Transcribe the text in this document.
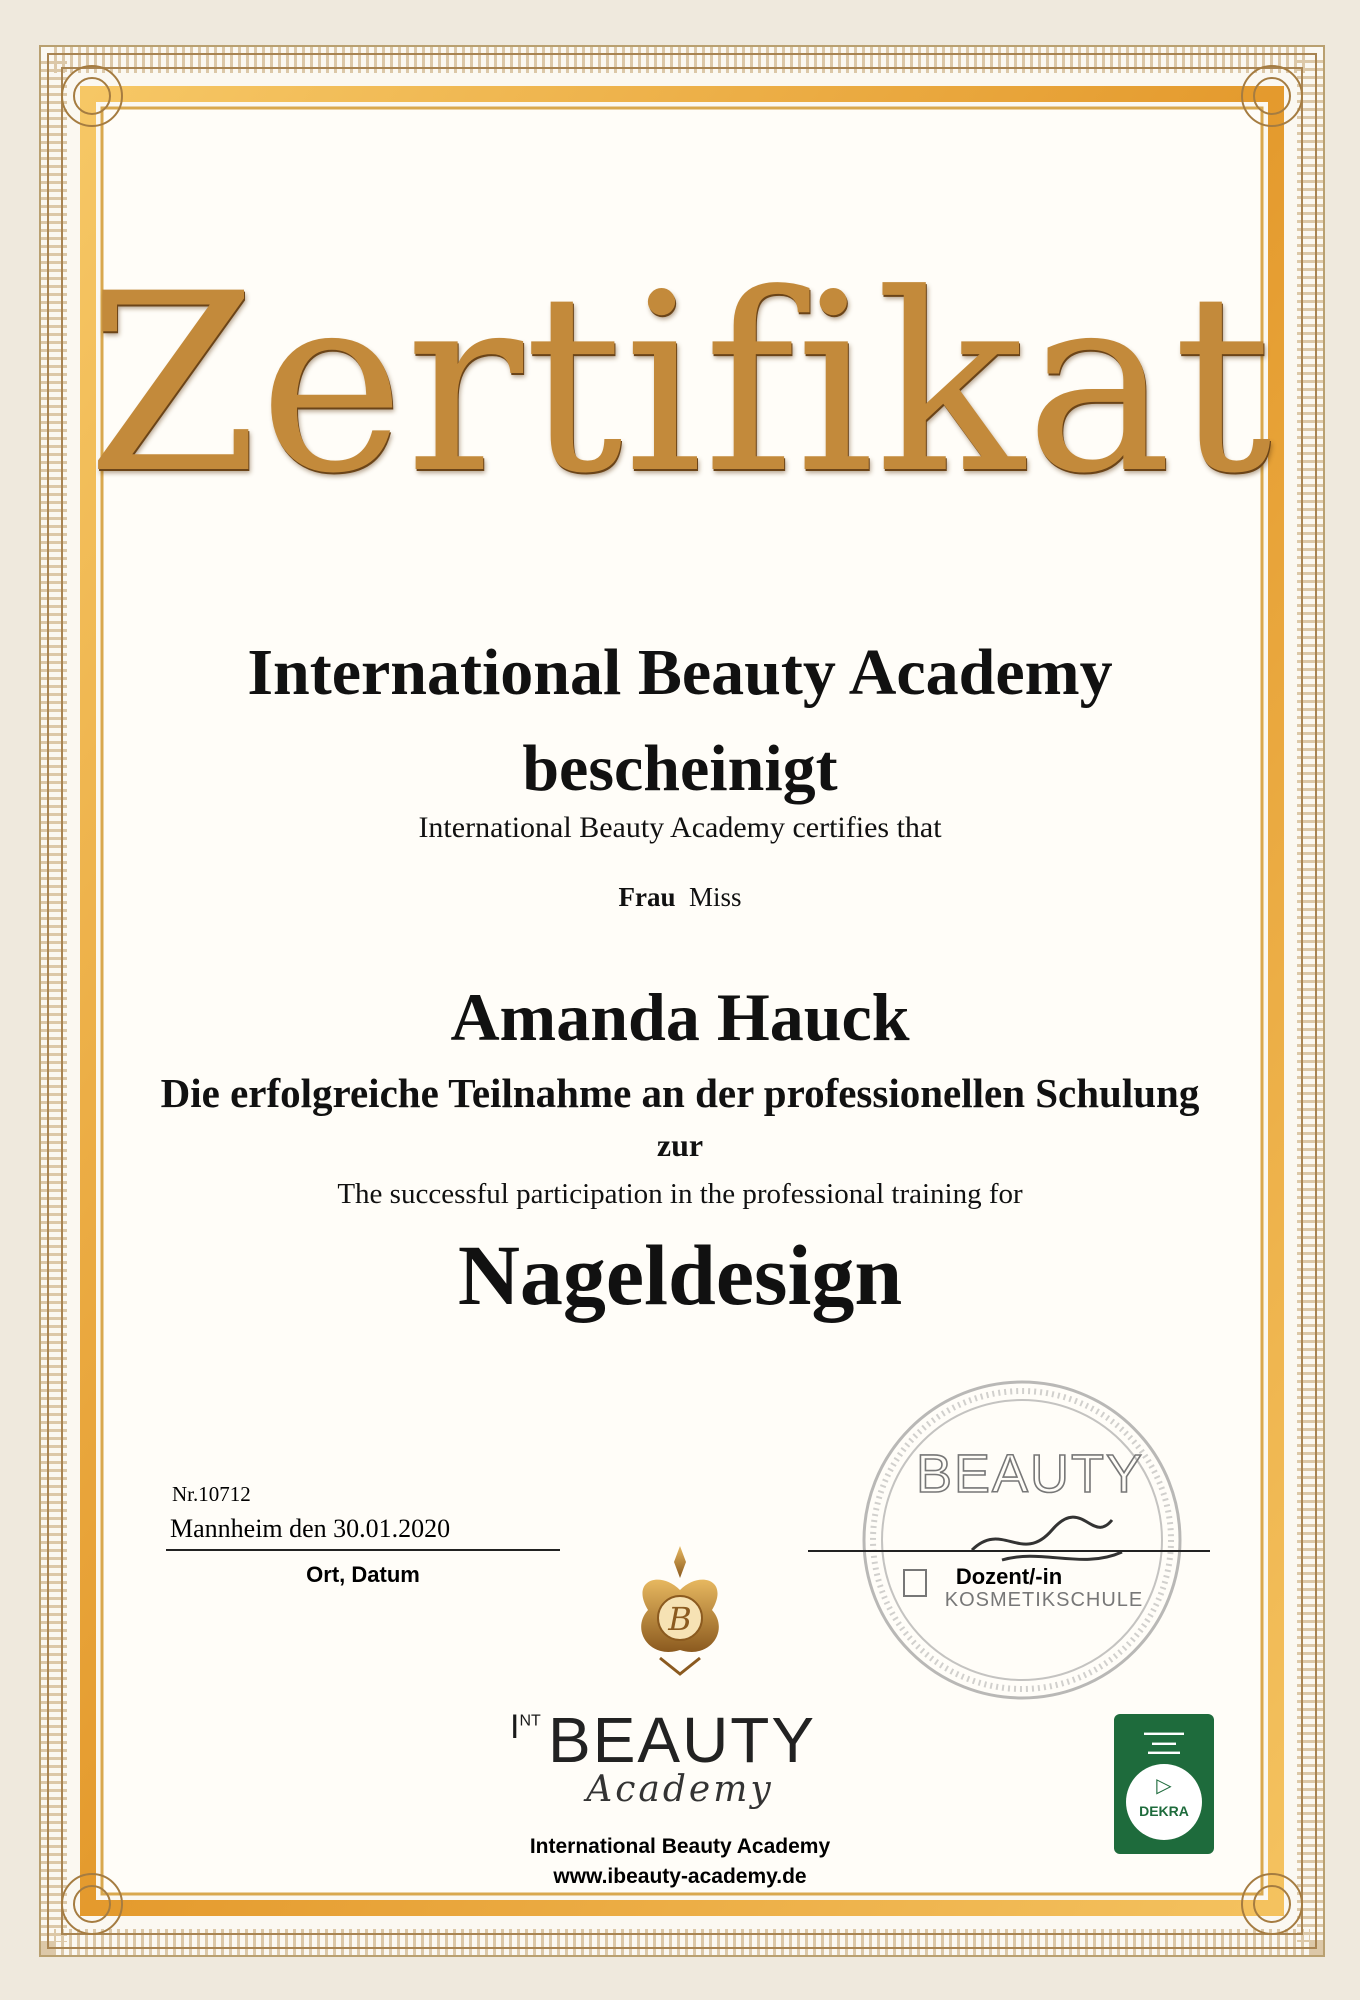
Zertifikat
International Beauty Academy
bescheinigt
International Beauty Academy certifies that
Frau Miss
Amanda Hauck
Die erfolgreiche Teilnahme an der professionellen Schulung
zur
The successful participation in the professional training for
Nageldesign
Nr.10712
Mannheim den 30.01.2020
Ort, Datum
BEAUTY
KOSMETIKSCHULE
Dozent/-in
B
$I^{NT}$ BEAUTY
Academy
International Beauty Academy
www.ibeauty-academy.de
▬▬▬▬▬
▬▬▬
▬▬▬▬
▷
DEKRA
